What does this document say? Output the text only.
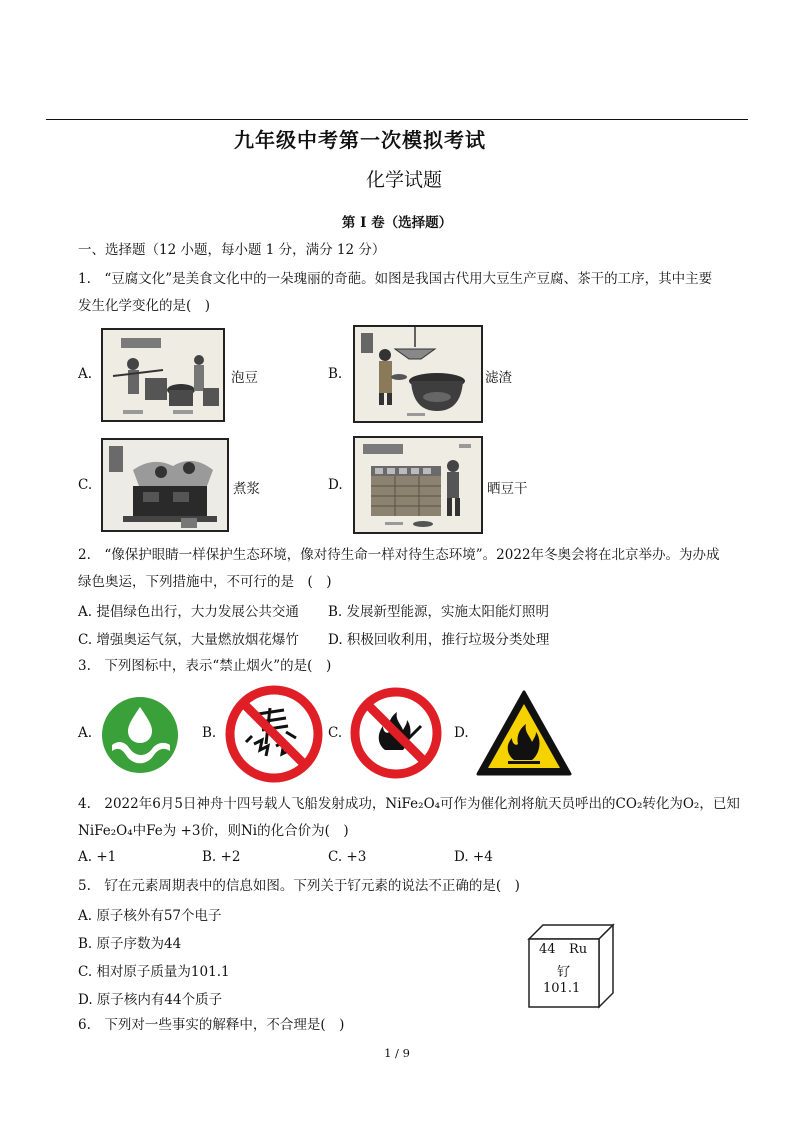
九年级中考第一次模拟考试
化学试题
第 I 卷（选择题）
一、选择题（12 小题，每小题 1 分，满分 12 分）
1.　“豆腐文化”是美食文化中的一朵瑰丽的奇葩。如图是我国古代用大豆生产豆腐、茶干的工序，其中主要
发生化学变化的是(　)
A.	泡豆	B.	滤渣
C.	煮浆	D.	晒豆干
2.　“像保护眼睛一样保护生态环境，像对待生命一样对待生态环境”。2022年冬奥会将在北京举办。为办成
绿色奥运，下列措施中，不可行的是　(　)
A. 提倡绿色出行，大力发展公共交通 B. 发展新型能源，实施太阳能灯照明
C. 增强奥运气氛，大量燃放烟花爆竹 D. 积极回收利用，推行垃圾分类处理
3.　下列图标中，表示“禁止烟火”的是(　)
A.	B.	C.	D.
4.　2022年6月5日神舟十四号载人飞船发射成功，NiFe₂O₄可作为催化剂将航天员呼出的CO₂转化为O₂，已知
NiFe₂O₄中Fe为 +3价，则Ni的化合价为(　)
A. +1	B. +2	C. +3	D. +4
5.　钌在元素周期表中的信息如图。下列关于钌元素的说法不正确的是(　)
A. 原子核外有57个电子
B. 原子序数为44
C. 相对原子质量为101.1
D. 原子核内有44个质子
44 Ru
钌
101.1
6.　下列对一些事实的解释中，不合理是(　)
1 / 9
